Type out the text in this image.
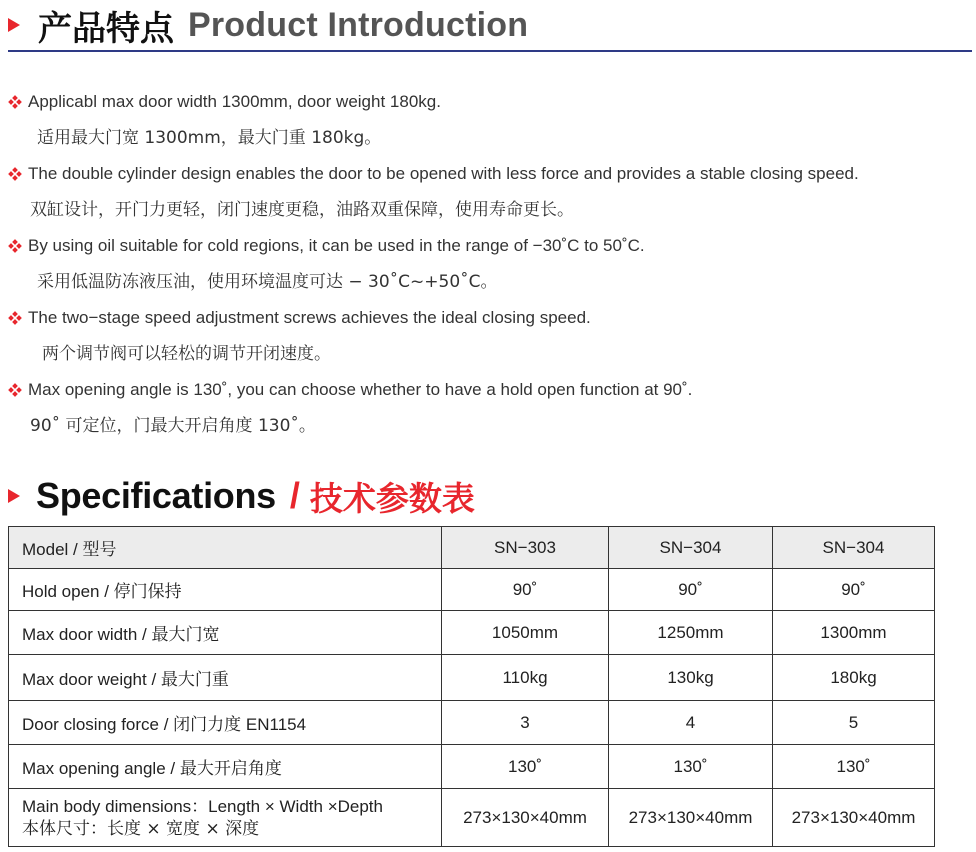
产品特点 Product Introduction
Applicabl max door width 1300mm, door weight 180kg.
适用最大门宽 1300mm，最大门重 180kg。
The double cylinder design enables the door to be opened with less force and provides a stable closing speed.
双缸设计，开门力更轻，闭门速度更稳，油路双重保障，使用寿命更长。
By using oil suitable for cold regions, it can be used in the range of −30˚C to 50˚C.
采用低温防冻液压油，使用环境温度可达 − 30˚C~+50˚C。
The two−stage speed adjustment screws achieves the ideal closing speed.
两个调节阀可以轻松的调节开闭速度。
Max opening angle is 130˚, you can choose whether to have a hold open function at 90˚.
90˚ 可定位，门最大开启角度 130˚。
Specifications / 技术参数表
Model / 型号	SN−303	SN−304	SN−304
Hold open / 停门保持	90˚	90˚	90˚
Max door width / 最大门宽	1050mm	1250mm	1300mm
Max door weight / 最大门重	110kg	130kg	180kg
Door closing force / 闭门力度 EN1154	3	4	5
Max opening angle / 最大开启角度	130˚	130˚	130˚

Main body dimensions：Length × Width ×Depth
本体尺寸：长度 × 宽度 × 深度	273×130×40mm	273×130×40mm	273×130×40mm
